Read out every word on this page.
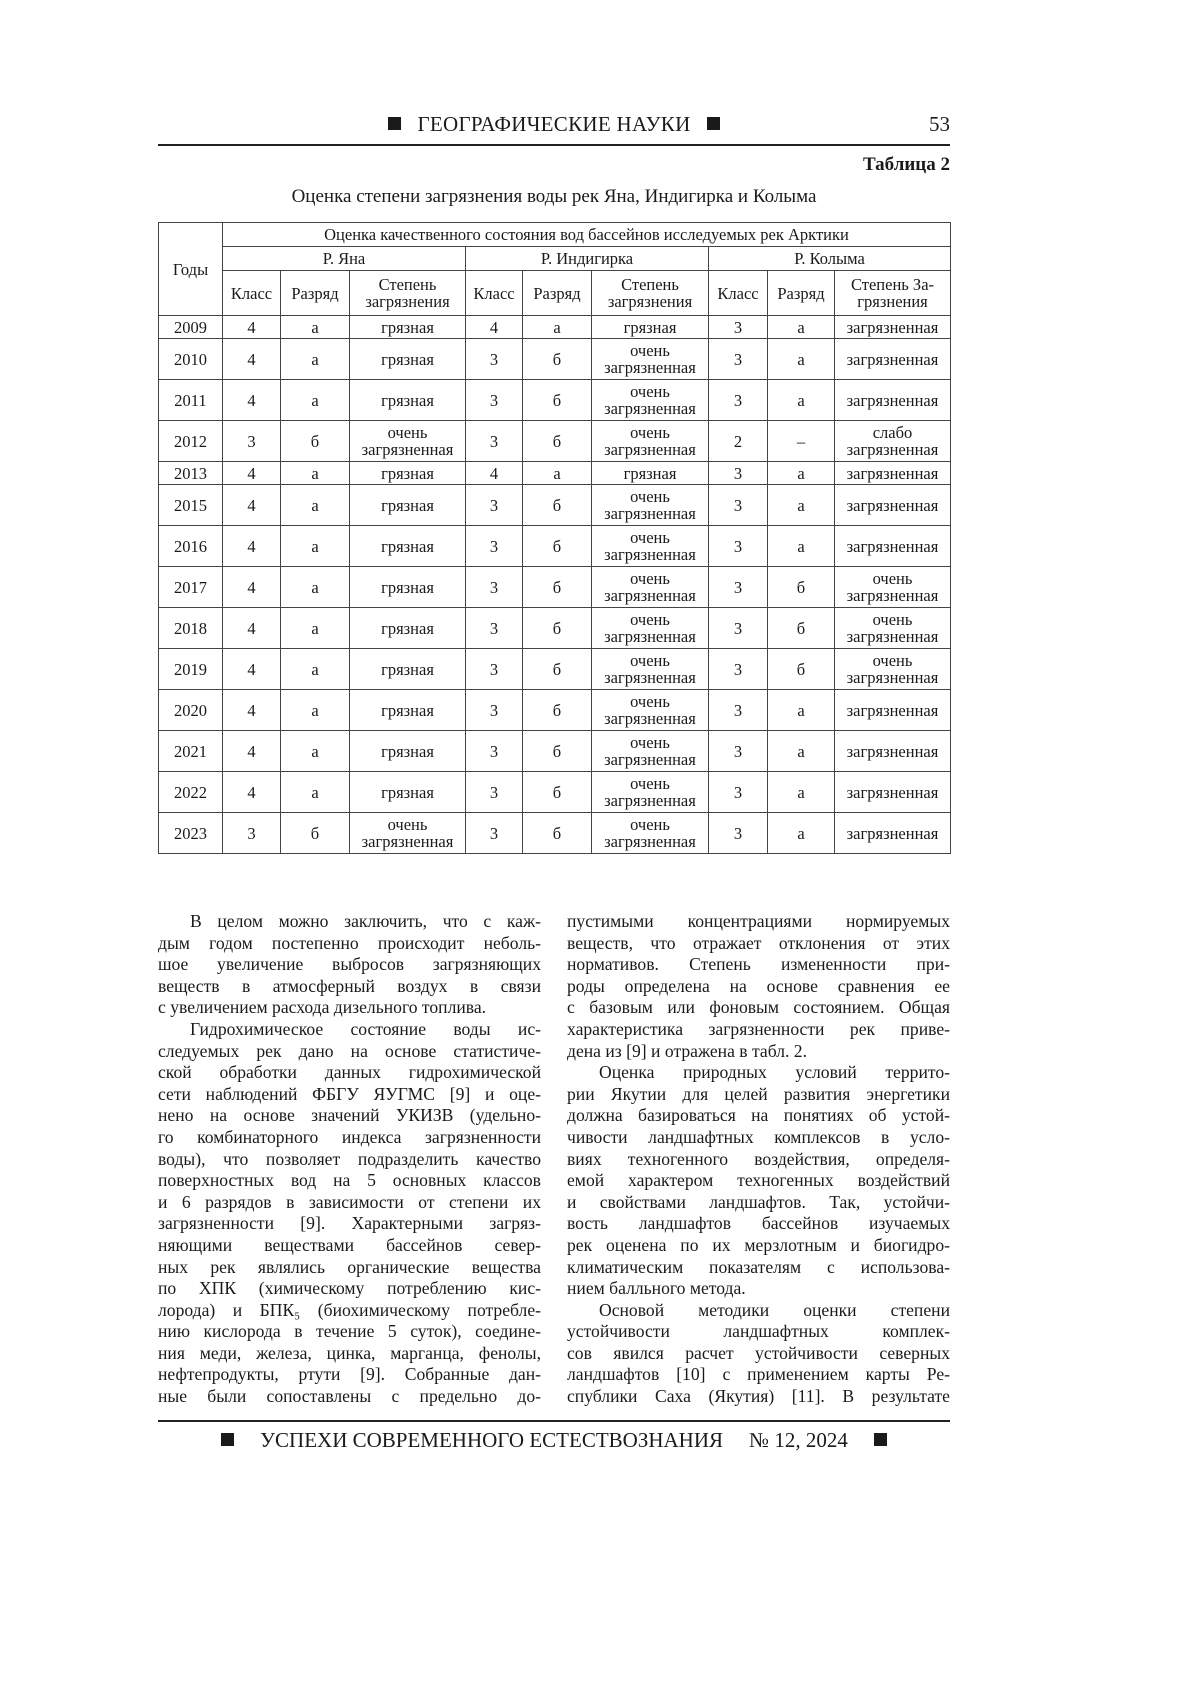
ГЕОГРАФИЧЕСКИЕ НАУКИ	53
Таблица 2
Оценка степени загрязнения воды рек Яна, Индигирка и Колыма
Годы	Оценка качественного состояния вод бассейнов исследуемых рек Арктики								
	Р. Яна			Р. Индигирка			Р. Колыма		
	Класс	Разряд	Степень загрязнения	Класс	Разряд	Степень загрязнения	Класс	Разряд	Степень За-грязнения
2009	4	а	грязная	4	а	грязная	3	а	загрязненная
2010	4	а	грязная	3	б	очень загрязненная	3	а	загрязненная
2011	4	а	грязная	3	б	очень загрязненная	3	а	загрязненная
2012	3	б	очень загрязненная	3	б	очень загрязненная	2	–	слабо загрязненная
2013	4	а	грязная	4	а	грязная	3	а	загрязненная
2015	4	а	грязная	3	б	очень загрязненная	3	а	загрязненная
2016	4	а	грязная	3	б	очень загрязненная	3	а	загрязненная
2017	4	а	грязная	3	б	очень загрязненная	3	б	очень загрязненная
2018	4	а	грязная	3	б	очень загрязненная	3	б	очень загрязненная
2019	4	а	грязная	3	б	очень загрязненная	3	б	очень загрязненная
2020	4	а	грязная	3	б	очень загрязненная	3	а	загрязненная
2021	4	а	грязная	3	б	очень загрязненная	3	а	загрязненная
2022	4	а	грязная	3	б	очень загрязненная	3	а	загрязненная
2023	3	б	очень загрязненная	3	б	очень загрязненная	3	а	загрязненная
В целом можно заключить, что с каж-
дым годом постепенно происходит неболь-
шое увеличение выбросов загрязняющих
веществ в атмосферный воздух в связи
с увеличением расхода дизельного топлива.
Гидрохимическое состояние воды ис-
следуемых рек дано на основе статистиче-
ской обработки данных гидрохимической
сети наблюдений ФБГУ ЯУГМС [9] и оце-
нено на основе значений УКИЗВ (удельно-
го комбинаторного индекса загрязненности
воды), что позволяет подразделить качество
поверхностных вод на 5 основных классов
и 6 разрядов в зависимости от степени их
загрязненности [9]. Характерными загряз-
няющими веществами бассейнов север-
ных рек являлись органические вещества
по ХПК (химическому потреблению кис-
лорода) и БПК₅ (биохимическому потребле-
нию кислорода в течение 5 суток), соедине-
ния меди, железа, цинка, марганца, фенолы,
нефтепродукты, ртути [9]. Собранные дан-
ные были сопоставлены с предельно до-
пустимыми концентрациями нормируемых
веществ, что отражает отклонения от этих
нормативов. Степень измененности при-
роды определена на основе сравнения ее
с базовым или фоновым состоянием. Общая
характеристика загрязненности рек приве-
дена из [9] и отражена в табл. 2.
Оценка природных условий террито-
рии Якутии для целей развития энергетики
должна базироваться на понятиях об устой-
чивости ландшафтных комплексов в усло-
виях техногенного воздействия, определя-
емой характером техногенных воздействий
и свойствами ландшафтов. Так, устойчи-
вость ландшафтов бассейнов изучаемых
рек оценена по их мерзлотным и биогидро-
климатическим показателям с использова-
нием балльного метода.
Основой методики оценки степени
устойчивости ландшафтных комплек-
сов явился расчет устойчивости северных
ландшафтов [10] с применением карты Ре-
спублики Саха (Якутия) [11]. В результате
УСПЕХИ СОВРЕМЕННОГО ЕСТЕСТВОЗНАНИЯ № 12, 2024
